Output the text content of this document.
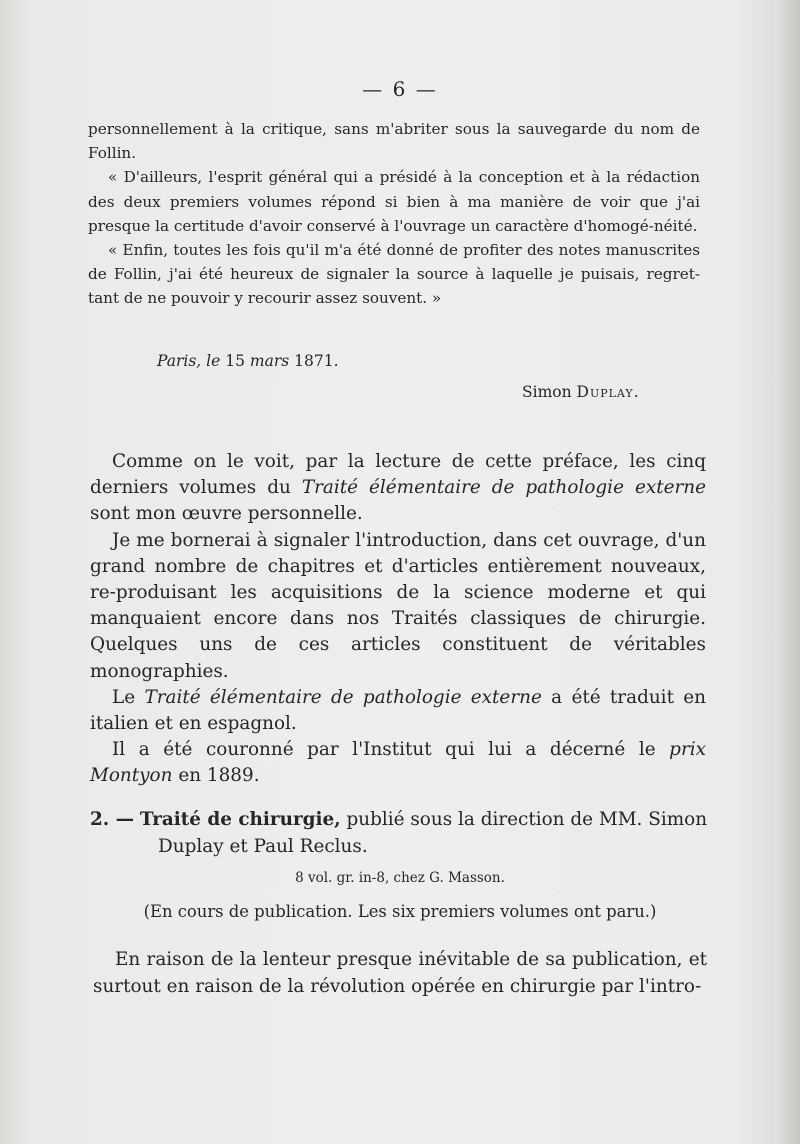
— 6 —

personnellement à la critique, sans m'abriter sous la sauvegarde du nom de Follin.

« D'ailleurs, l'esprit général qui a présidé à la conception et à la rédaction des deux premiers volumes répond si bien à ma manière de voir que j'ai presque la certitude d'avoir conservé à l'ouvrage un caractère d'homogé-néité.

« Enfin, toutes les fois qu'il m'a été donné de profiter des notes manuscrites de Follin, j'ai été heureux de signaler la source à laquelle je puisais, regret-tant de ne pouvoir y recourir assez souvent. »

Paris, le 15 mars 1871.
Simon Duplay.

Comme on le voit, par la lecture de cette préface, les cinq derniers volumes du Traité élémentaire de pathologie externe sont mon œuvre personnelle.

Je me bornerai à signaler l'introduction, dans cet ouvrage, d'un grand nombre de chapitres et d'articles entièrement nouveaux, re-produisant les acquisitions de la science moderne et qui manquaient encore dans nos Traités classiques de chirurgie. Quelques uns de ces articles constituent de véritables monographies.

Le Traité élémentaire de pathologie externe a été traduit en italien et en espagnol.

Il a été couronné par l'Institut qui lui a décerné le prix Montyon en 1889.

2. — Traité de chirurgie, publié sous la direction de MM. Simon
Duplay et Paul Reclus.
8 vol. gr. in-8, chez G. Masson.
(En cours de publication. Les six premiers volumes ont paru.)

En raison de la lenteur presque inévitable de sa publication, et surtout en raison de la révolution opérée en chirurgie par l'intro-
